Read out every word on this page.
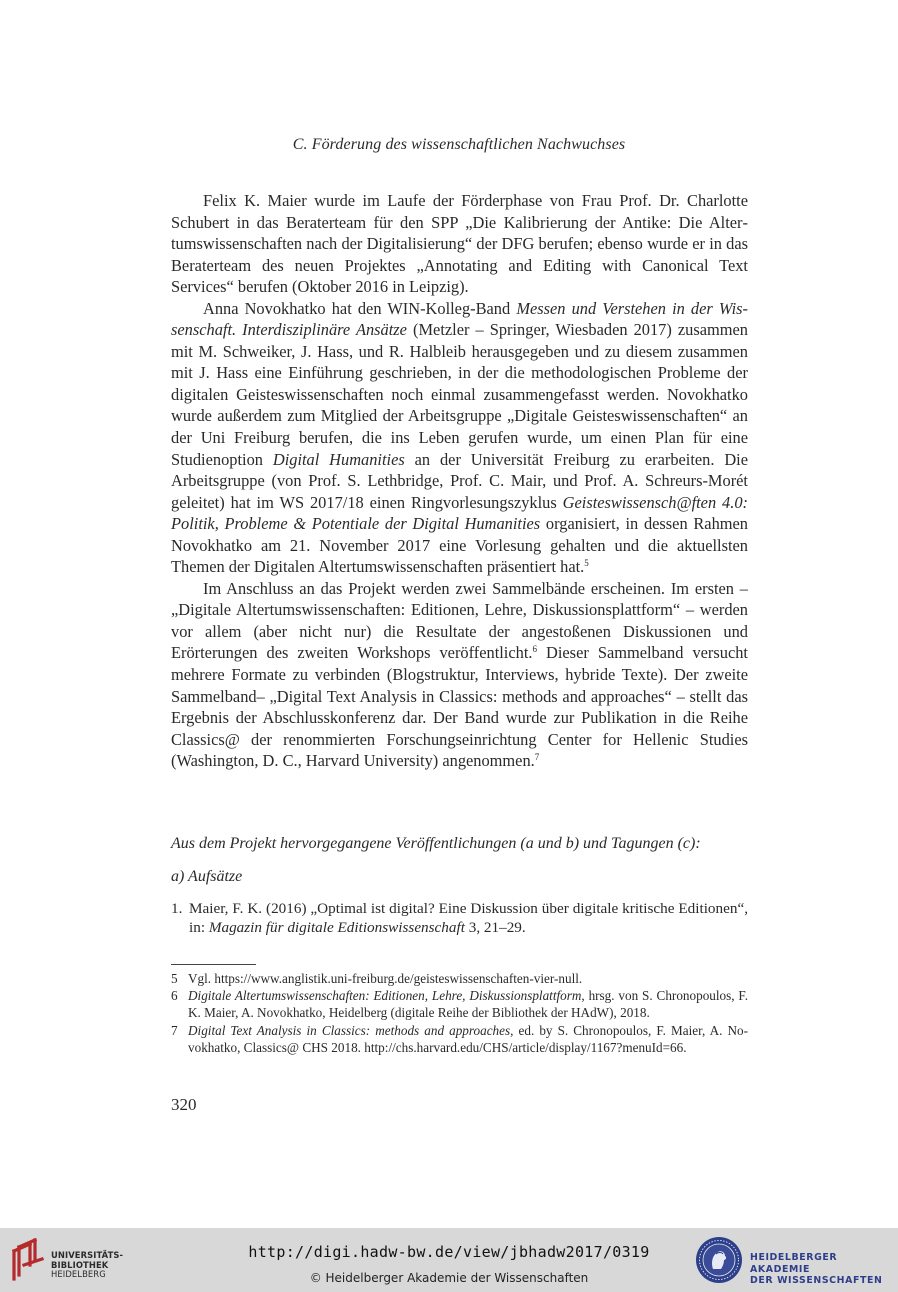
C. Förderung des wissenschaftlichen Nachwuchses

Felix K. Maier wurde im Laufe der Förderphase von Frau Prof. Dr. Charlotte Schubert in das Beraterteam für den SPP „Die Kalibrierung der Antike: Die Altertumswissenschaften nach der Digitalisierung“ der DFG berufen; ebenso wurde er in das Beraterteam des neuen Projektes „Annotating and Editing with Canonical Text Services“ berufen (Oktober 2016 in Leipzig).

Anna Novokhatko hat den WIN-Kolleg-Band Messen und Verstehen in der Wissenschaft. Interdisziplinäre Ansätze (Metzler – Springer, Wiesbaden 2017) zusammen mit M. Schweiker, J. Hass, und R. Halbleib herausgegeben und zu diesem zusammen mit J. Hass eine Einführung geschrieben, in der die methodologischen Probleme der digitalen Geisteswissenschaften noch einmal zusammengefasst werden. Novokhatko wurde außerdem zum Mitglied der Arbeitsgruppe „Digitale Geisteswissenschaften“ an der Uni Freiburg berufen, die ins Leben gerufen wurde, um einen Plan für eine Studienoption Digital Humanities an der Universität Freiburg zu erarbeiten. Die Arbeitsgruppe (von Prof. S. Lethbridge, Prof. C. Mair, und Prof. A. Schreurs-Morét geleitet) hat im WS 2017/18 einen Ringvorlesungszyklus Geisteswissensch@ften 4.0: Politik, Probleme & Potentiale der Digital Humanities organisiert, in dessen Rahmen Novokhatko am 21. November 2017 eine Vorlesung gehalten und die aktuellsten Themen der Digitalen Altertumswissenschaften präsentiert hat.$^5$

Im Anschluss an das Projekt werden zwei Sammelbände erscheinen. Im ersten – „Digitale Altertumswissenschaften: Editionen, Lehre, Diskussionsplattform“ – werden vor allem (aber nicht nur) die Resultate der angestoßenen Diskussionen und Erörterungen des zweiten Workshops veröffentlicht.$^6$ Dieser Sammelband versucht mehrere Formate zu verbinden (Blogstruktur, Interviews, hybride Texte). Der zweite Sammelband– „Digital Text Analysis in Classics: methods and approaches“ – stellt das Ergebnis der Abschlusskonferenz dar. Der Band wurde zur Publikation in die Reihe Classics@ der renommierten Forschungseinrichtung Center for Hellenic Studies (Washington, D. C., Harvard University) angenommen.$^7$

Aus dem Projekt hervorgegangene Veröffentlichungen (a und b) und Tagungen (c):
a) Aufsätze
1. Maier, F. K. (2016) „Optimal ist digital? Eine Diskussion über digitale kritische Editionen“, in: Magazin für digitale Editionswissenschaft 3, 21–29.
5 Vgl. https://www.anglistik.uni-freiburg.de/geisteswissenschaften-vier-null.
6 Digitale Altertumswissenschaften: Editionen, Lehre, Diskussionsplattform, hrsg. von S. Chronopoulos, F. K. Maier, A. Novokhatko, Heidelberg (digitale Reihe der Bibliothek der HAdW), 2018.
7 Digital Text Analysis in Classics: methods and approaches, ed. by S. Chronopoulos, F. Maier, A. Novokhatko, Classics@ CHS 2018. http://chs.harvard.edu/CHS/article/display/1167?menuId=66.
320
UNIVERSITÄTS-
BIBLIOTHEK
HEIDELBERG
http://digi.hadw-bw.de/view/jbhadw2017/0319
© Heidelberger Akademie der Wissenschaften
HEIDELBERGER AKADEMIE
DER WISSENSCHAFTEN
